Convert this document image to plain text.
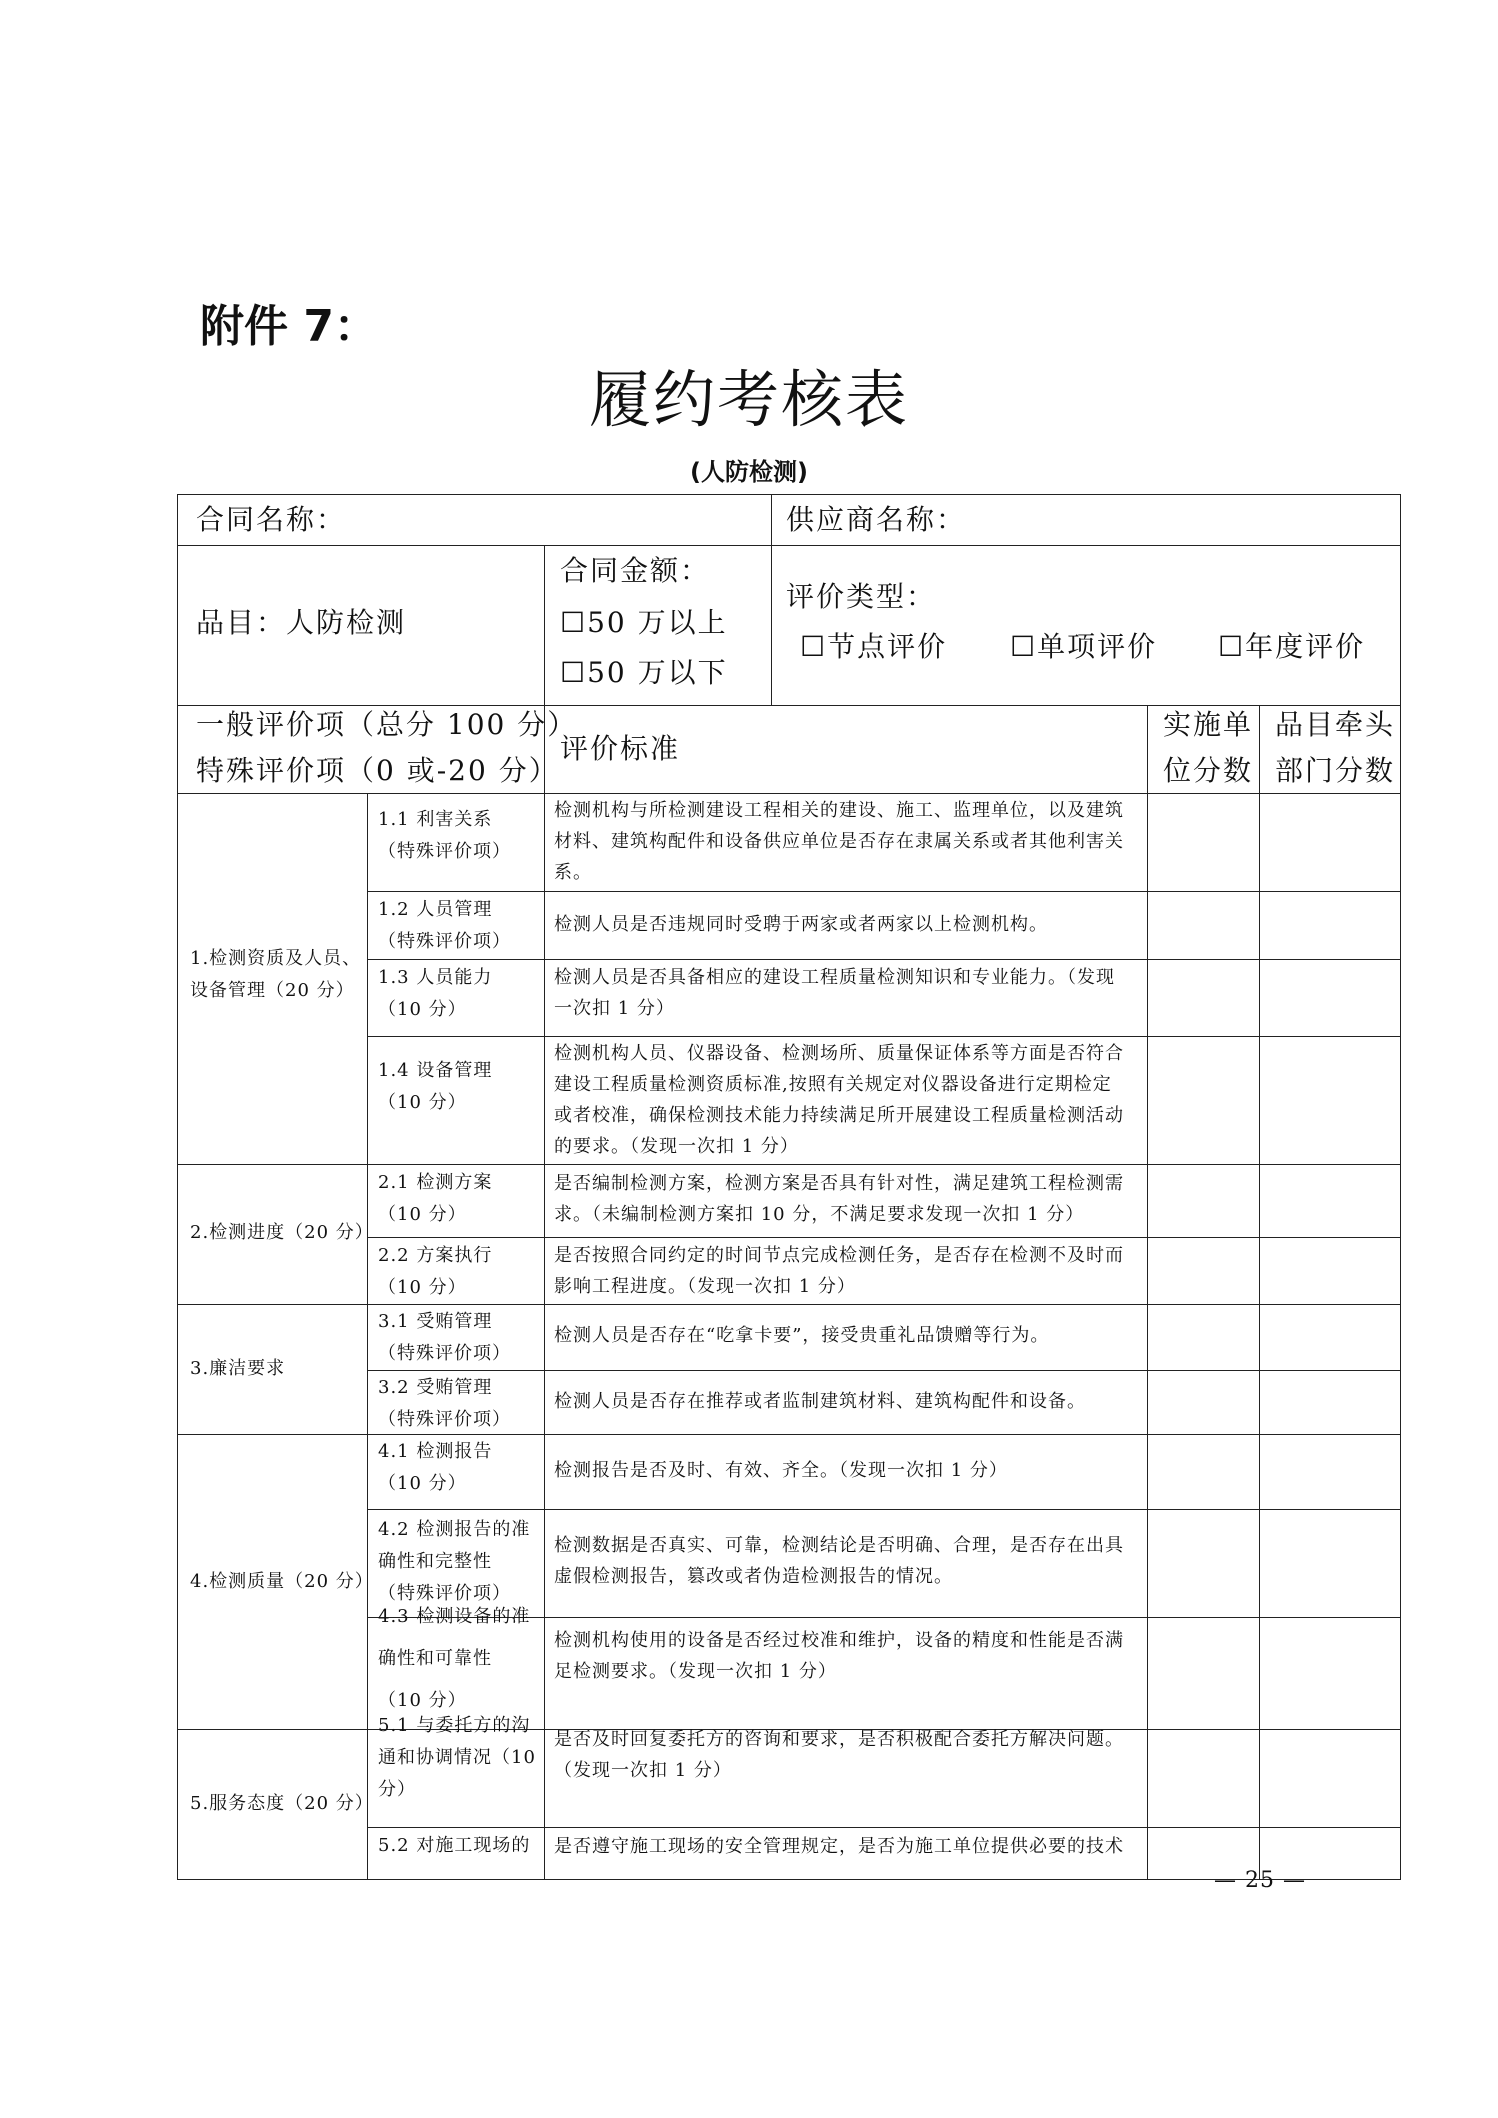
附件 7：
履约考核表
(人防检测)
合同名称：	供应商名称：
品目：人防检测
合同金额：
☐50 万以上
☐50 万以下
评价类型：
☐节点评价 ☐单项评价 ☐年度评价
一般评价项（总分 100 分）
特殊评价项（0 或-20 分）
评价标准
实施单
位分数
品目牵头
部门分数
1.检测资质及人员、
设备管理（20 分）
2.检测进度（20 分）
3.廉洁要求
4.检测质量（20 分）
5.服务态度（20 分）
1.1 利害关系
（特殊评价项）
检测机构与所检测建设工程相关的建设、施工、监理单位，以及建筑
材料、建筑构配件和设备供应单位是否存在隶属关系或者其他利害关
系。
1.2 人员管理
（特殊评价项）
检测人员是否违规同时受聘于两家或者两家以上检测机构。
1.3 人员能力
（10 分）
检测人员是否具备相应的建设工程质量检测知识和专业能力。（发现
一次扣 1 分）
1.4 设备管理
（10 分）
检测机构人员、仪器设备、检测场所、质量保证体系等方面是否符合
建设工程质量检测资质标准,按照有关规定对仪器设备进行定期检定
或者校准，确保检测技术能力持续满足所开展建设工程质量检测活动
的要求。（发现一次扣 1 分）
2.1 检测方案
（10 分）
是否编制检测方案，检测方案是否具有针对性，满足建筑工程检测需
求。（未编制检测方案扣 10 分，不满足要求发现一次扣 1 分）
2.2 方案执行
（10 分）
是否按照合同约定的时间节点完成检测任务，是否存在检测不及时而
影响工程进度。（发现一次扣 1 分）
3.1 受贿管理
（特殊评价项）
检测人员是否存在“吃拿卡要”，接受贵重礼品馈赠等行为。
3.2 受贿管理
（特殊评价项）
检测人员是否存在推荐或者监制建筑材料、建筑构配件和设备。
4.1 检测报告
（10 分）
检测报告是否及时、有效、齐全。（发现一次扣 1 分）
4.2 检测报告的准
确性和完整性
（特殊评价项）
检测数据是否真实、可靠，检测结论是否明确、合理，是否存在出具
虚假检测报告，篡改或者伪造检测报告的情况。
4.3 检测设备的准
确性和可靠性
（10 分）
检测机构使用的设备是否经过校准和维护，设备的精度和性能是否满
足检测要求。（发现一次扣 1 分）
5.1 与委托方的沟
通和协调情况（10
分）
是否及时回复委托方的咨询和要求，是否积极配合委托方解决问题。
（发现一次扣 1 分）
5.2 对施工现场的 是否遵守施工现场的安全管理规定，是否为施工单位提供必要的技术
— 25 —
